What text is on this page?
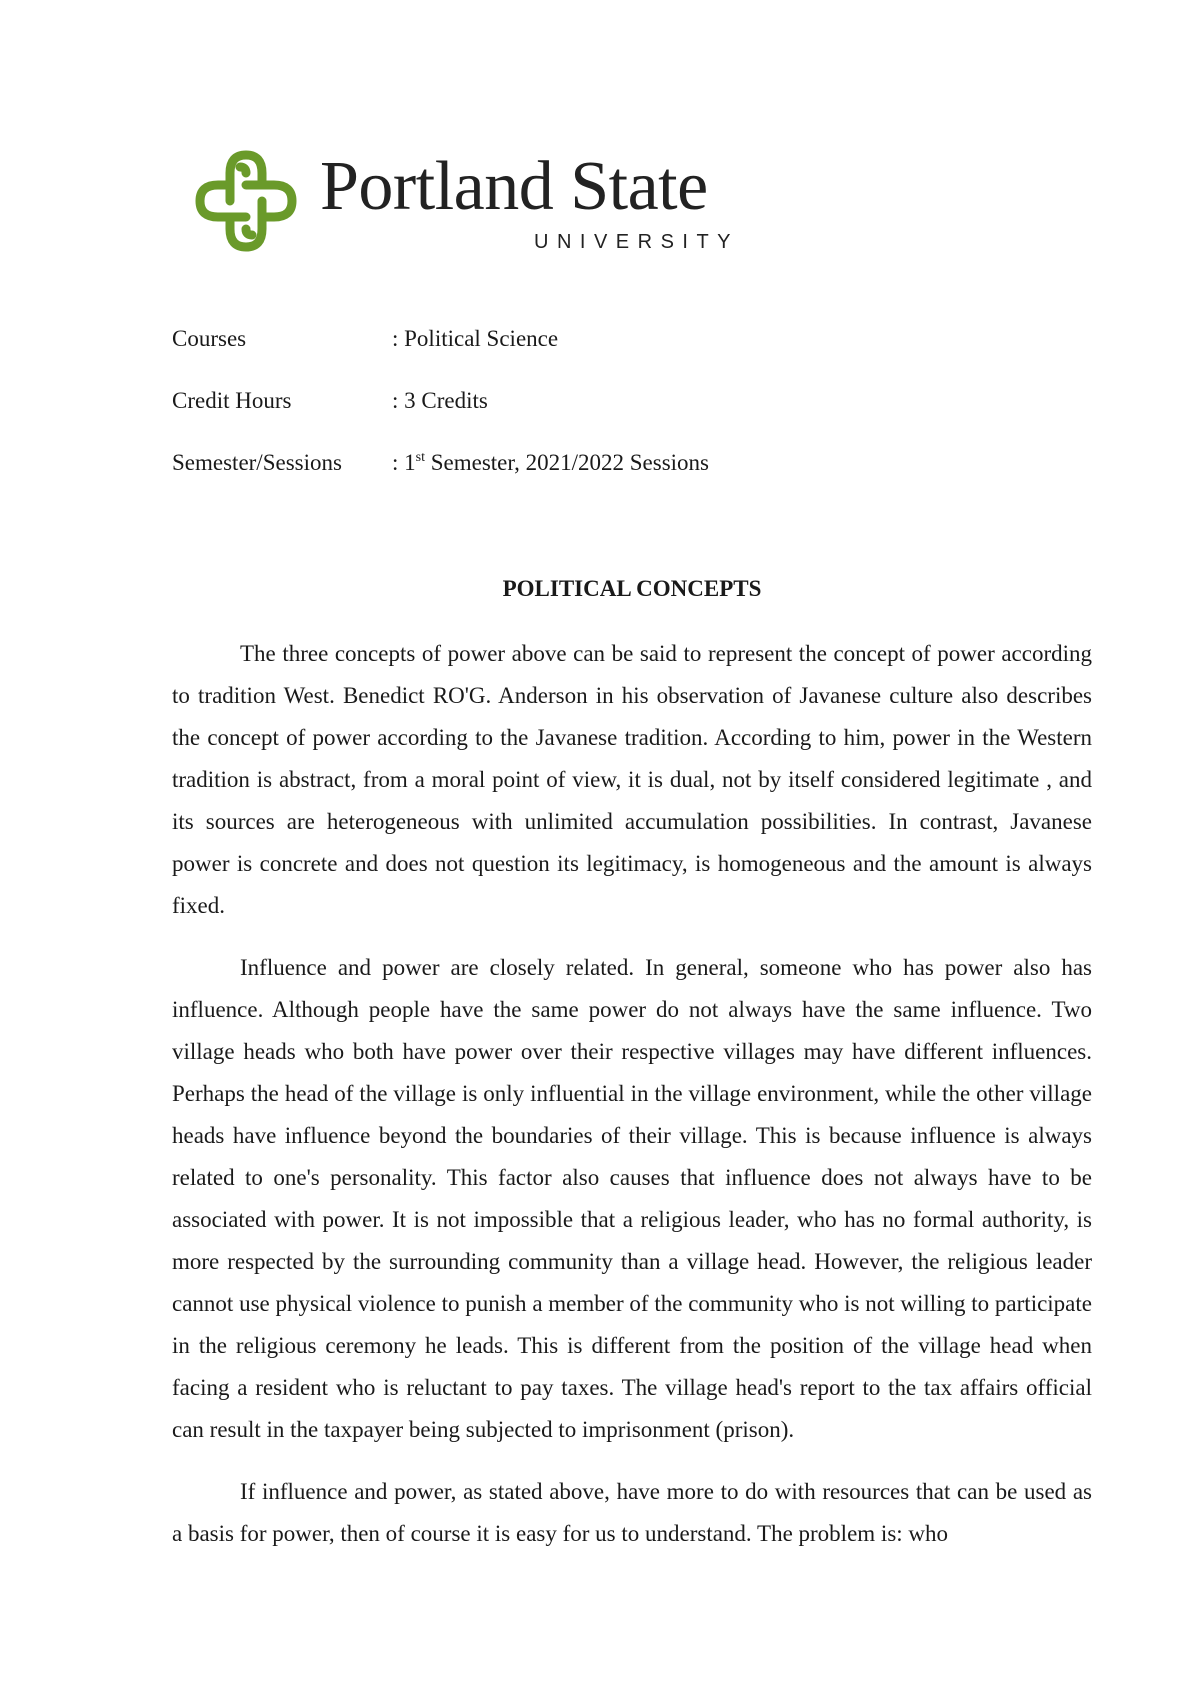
Portland State
UNIVERSITY
Courses	: Political Science
Credit Hours	: 3 Credits
Semester/Sessions : 1st Semester, 2021/2022 Sessions
POLITICAL CONCEPTS

The three concepts of power above can be said to represent the concept of power according to tradition West. Benedict RO'G. Anderson in his observation of Javanese culture also describes the concept of power according to the Javanese tradition. According to him, power in the Western tradition is abstract, from a moral point of view, it is dual, not by itself considered legitimate , and its sources are heterogeneous with unlimited accumulation possibilities. In contrast, Javanese power is concrete and does not question its legitimacy, is homogeneous and the amount is always fixed.

Influence and power are closely related. In general, someone who has power also has influence. Although people have the same power do not always have the same influence. Two village heads who both have power over their respective villages may have different influences. Perhaps the head of the village is only influential in the village environment, while the other village heads have influence beyond the boundaries of their village. This is because influence is always related to one's personality. This factor also causes that influence does not always have to be associated with power. It is not impossible that a religious leader, who has no formal authority, is more respected by the surrounding community than a village head. However, the religious leader cannot use physical violence to punish a member of the community who is not willing to participate in the religious ceremony he leads. This is different from the position of the village head when facing a resident who is reluctant to pay taxes. The village head's report to the tax affairs official can result in the taxpayer being subjected to imprisonment (prison).

If influence and power, as stated above, have more to do with resources that can be used as a basis for power, then of course it is easy for us to understand. The problem is: who
